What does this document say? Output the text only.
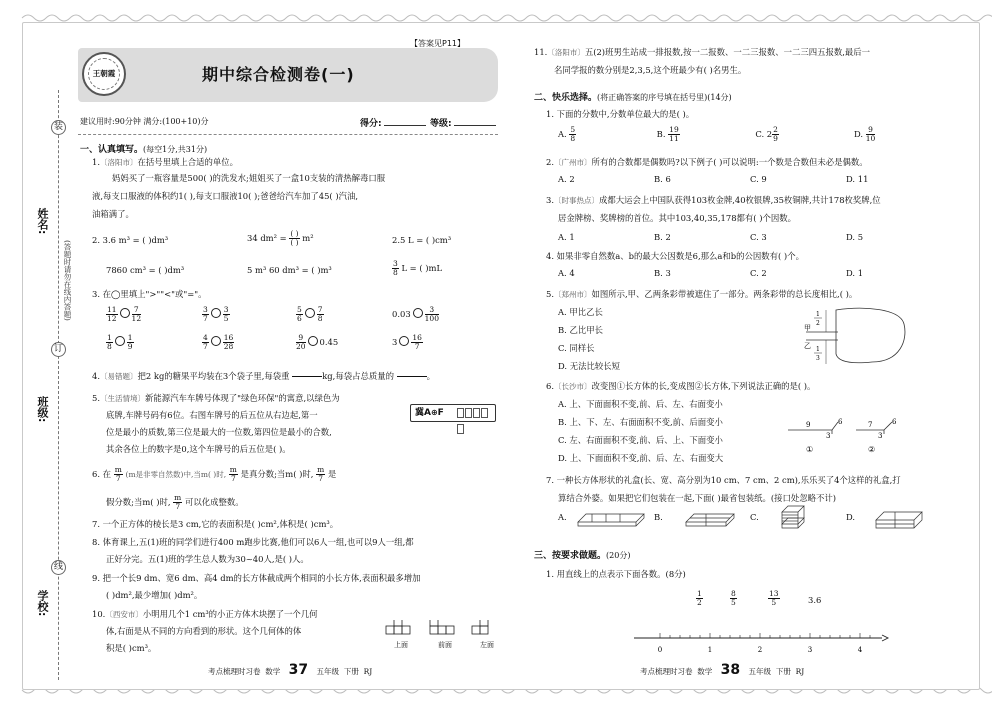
姓名:
班级:
学校:
装
订
线
(答题时请勿在线内答题)
【答案见P11】
王朝霞	期中综合检测卷(一)
建议用时:90分钟 满分:(100+10)分	得分:	等级:
一、认真填写。(每空1分,共31分)
1.〔洛阳市〕在括号里填上合适的单位。
妈妈买了一瓶容量是500( )的洗发水;姐姐买了一盒10支装的清热解毒口服
液,每支口服液的体积约1( ),每支口服液10( );爸爸给汽车加了45( )汽油,
油箱满了。
2. 3.6 m³ = ( )dm³	34 $dm^2 = \frac{( )}{( )} m^2$	2.5 L = ( )cm³
7860 cm³ = ( )dm³	5 m³ 60 dm³ = ( )m³	$\frac{3}{8}$ L = ( )mL
3. 在◯里填上">""<"或"="。
$\frac{11}{12} \frac{7}{12}$	$\frac{3}{7} \frac{3}{5}$	$\frac{5}{6} \frac{7}{8}$	$0.03 \frac{3}{100}$
$\frac{1}{8} \frac{1}{9}$	$\frac{4}{7} \frac{16}{28}$	$\frac{9}{20} 0.45$	$3 \frac{16}{7}$
4.〔易错题〕把2 kg的糖果平均装在3个袋子里,每袋重

	kg,每袋占总质量的

	。
5.〔生活情境〕新能源汽车车牌号体现了"绿色环保"的寓意,以绿色为
底牌,车牌号码有6位。右图车牌号的后五位从右边起,第一
位是最小的质数,第三位是最大的一位数,第四位是最小的合数,
其余各位上的数字是0,这个车牌号的后五位是( )。
冀A⊕F
6. 在 $\frac{m}{7} (m$是非零自然数)中,当m( )时, $\frac{m}{7}$ 是真分数;当m( )时, $\frac{m}{7}$ 是
假分数;当m( )时, $\frac{m}{7}$ 可以化成整数。
7. 一个正方体的棱长是3 cm,它的表面积是( )cm²,体积是( )cm³。
8. 体育课上,五(1)班的同学们进行400 m跑步比赛,他们可以6人一组,也可以9人一组,都
正好分完。五(1)班的学生总人数为30~40人,是( )人。
9. 把一个长9 dm、宽6 dm、高4 dm的长方体截成两个相同的小长方体,表面积最多增加
( )dm²,最少增加( )dm²。
10.〔西安市〕小明用几个1 cm³的小正方体木块摆了一个几何
体,右面是从不同的方向看到的形状。这个几何体的体
积是( )cm³。	上面	前面	左面
考点梳理时习卷 数学 37 五年级 下册 RJ
11.〔洛阳市〕五(2)班男生站成一排报数,按一二报数、一二三报数、一二三四五报数,最后一
名同学报的数分别是2,3,5,这个班最少有( )名男生。
二、快乐选择。(将正确答案的序号填在括号里)(14分)
1. 下面的分数中,分数单位最大的是( )。
A. $\frac{5}{8}$	B. $\frac{19}{11}$	C. $2 \frac{2}{9}$	D. $\frac{9}{10}$
2.〔广州市〕所有的合数都是偶数吗?以下例子( )可以说明:一个数是合数但未必是偶数。
A. 2	B. 6	C. 9	D. 11
3.〔时事热点〕成都大运会上中国队获得103枚金牌,40枚银牌,35枚铜牌,共计178枚奖牌,位
居金牌榜、奖牌榜的首位。其中103,40,35,178都有( )个因数。
A. 1	B. 2	C. 3	D. 5
4. 如果非零自然数a、b的最大公因数是6,那么a和b的公因数有( )个。
A. 4	B. 3	C. 2	D. 1
5.〔郑州市〕如图所示,甲、乙两条彩带被遮住了一部分。两条彩带的总长度相比,( )。
A. 甲比乙长
B. 乙比甲长
C. 同样长
D. 无法比较长短
甲
乙
1
2
1
3
6.〔长沙市〕改变图①长方体的长,变成图②长方体,下列说法正确的是( )。
A. 上、下面面积不变,前、后、左、右面变小
B. 上、下、左、右面面积不变,前、后面变小
C. 左、右面面积不变,前、后、上、下面变小
D. 上、下面面积不变,前、后、左、右面变大
9
3
6	7
3
6
①	②
7. 一种长方体形状的礼盒(长、宽、高分别为10 cm、7 cm、2 cm),乐乐买了4个这样的礼盒,打
算结合外婆。如果把它们包装在一起,下面( )最省包装纸。(接口处忽略不计)
A.	B.	C.	D.
三、按要求做题。(20分)
1. 用直线上的点表示下面各数。(8分)
$\frac{1}{2}$	$\frac{8}{5}$	$\frac{13}{5}$	3.6
0	1	2	3	4
考点梳理时习卷 数学 38 五年级 下册 RJ
